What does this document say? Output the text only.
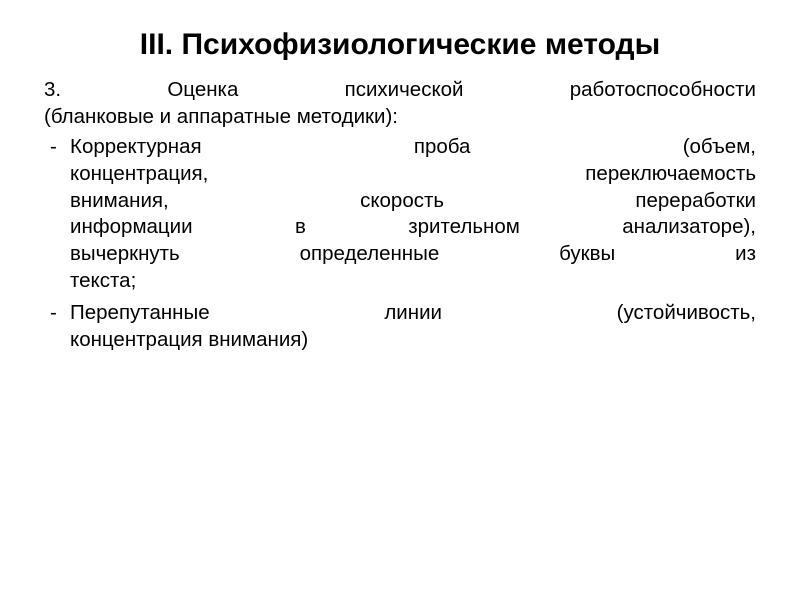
III. Психофизиологические методы

3. Оценка психической работоспособности
(бланковые и аппаратные методики):

- Корректурная проба (объем,
концентрация, переключаемость
внимания, скорость переработки
информации в зрительном анализаторе),
вычеркнуть определенные буквы из
текста;
- Перепутанные линии (устойчивость,
концентрация внимания)
